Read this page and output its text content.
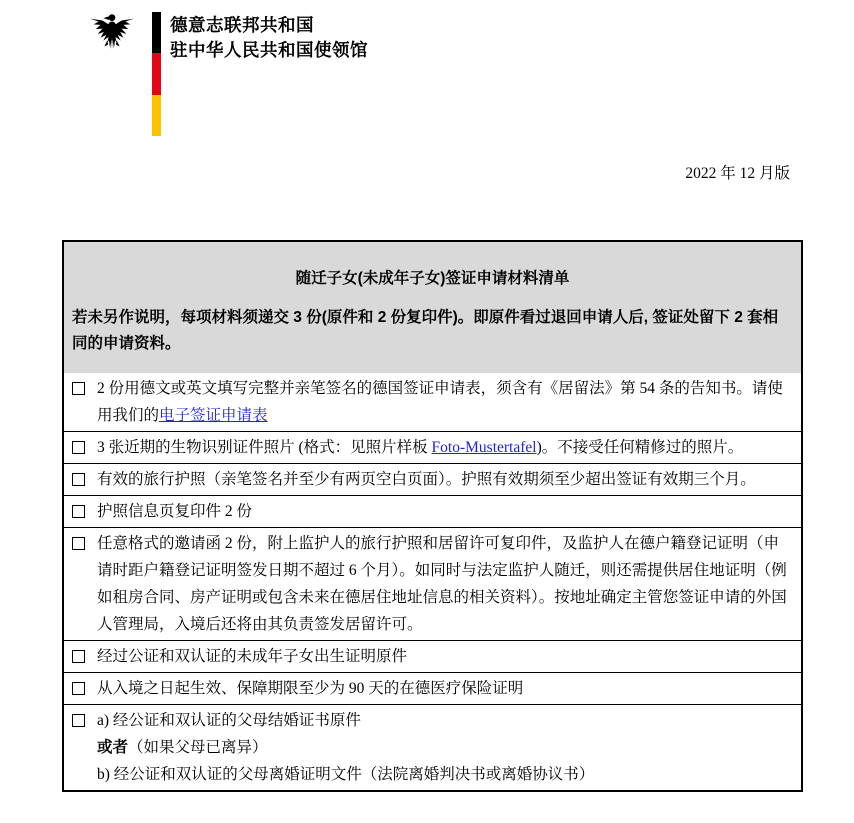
德意志联邦共和国
驻中华人民共和国使领馆
2022 年 12 月版
随迁子女(未成年子女)签证申请材料清单
若未另作说明，每项材料须递交 3 份(原件和 2 份复印件)。即原件看过退回申请人后, 签证处留下 2 套相同的申请资料。
2 份用德文或英文填写完整并亲笔签名的德国签证申请表，须含有《居留法》第 54 条的告知书。请使用我们的电子签证申请表
3 张近期的生物识别证件照片 (格式：见照片样板 Foto-Mustertafel)。不接受任何精修过的照片。
有效的旅行护照（亲笔签名并至少有两页空白页面）。护照有效期须至少超出签证有效期三个月。
护照信息页复印件 2 份
任意格式的邀请函 2 份，附上监护人的旅行护照和居留许可复印件，及监护人在德户籍登记证明（申请时距户籍登记证明签发日期不超过 6 个月）。如同时与法定监护人随迁，则还需提供居住地证明（例如租房合同、房产证明或包含未来在德居住地址信息的相关资料）。按地址确定主管您签证申请的外国人管理局，入境后还将由其负责签发居留许可。
经过公证和双认证的未成年子女出生证明原件
从入境之日起生效、保障期限至少为 90 天的在德医疗保险证明
a) 经公证和双认证的父母结婚证书原件
或者（如果父母已离异）
b) 经公证和双认证的父母离婚证明文件（法院离婚判决书或离婚协议书）
